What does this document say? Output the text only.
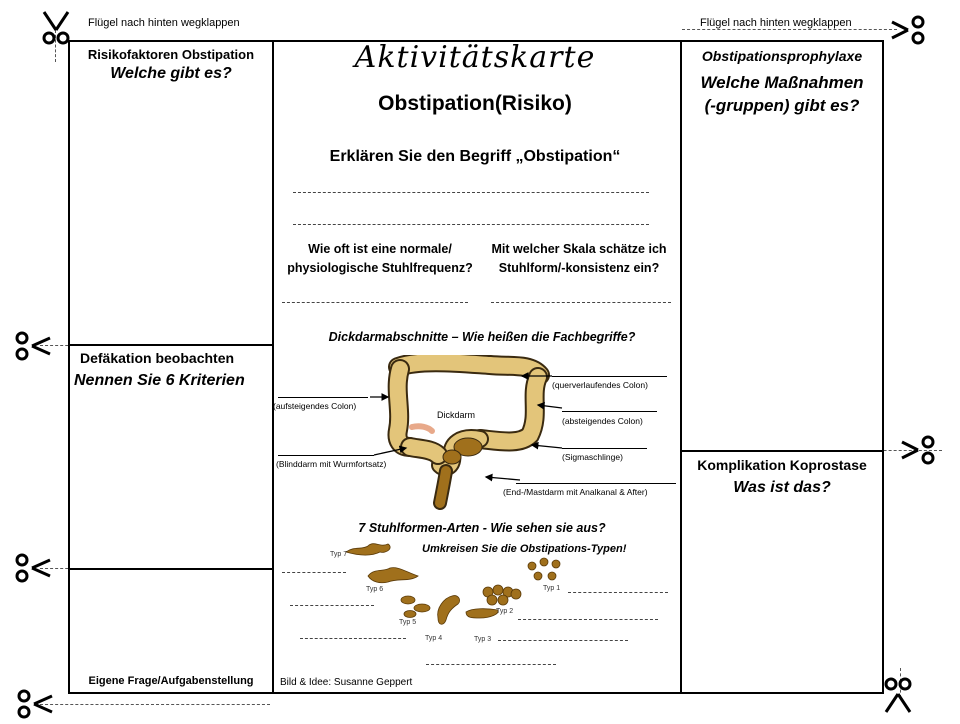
Flügel nach hinten wegklappen	Flügel nach hinten wegklappen
Risikofaktoren Obstipation
Welche gibt es?
Defäkation beobachten
Nennen Sie 6 Kriterien
Eigene Frage/Aufgabenstellung
Obstipationsprophylaxe
Welche Maßnahmen
(-gruppen) gibt es?
Komplikation Koprostase
Was ist das?
Aktivitätskarte
Obstipation(Risiko)
Erklären Sie den Begriff „Obstipation“
Wie oft ist eine normale/
physiologische Stuhlfrequenz?
Mit welcher Skala schätze ich
Stuhlform/-konsistenz ein?
Dickdarmabschnitte – Wie heißen die Fachbegriffe?
Dickdarm
(querverlaufendes Colon)
(aufsteigendes Colon)
(absteigendes Colon)
(Blinddarm mit Wurmfortsatz)
(Sigmaschlinge)
(End-/Mastdarm mit Analkanal & After)
7 Stuhlformen-Arten - Wie sehen sie aus?
Umkreisen Sie die Obstipations-Typen!
Typ 7
Typ 6
Typ 5
Typ 4	Typ 3
Typ 2
Typ 1
Bild & Idee: Susanne Geppert
